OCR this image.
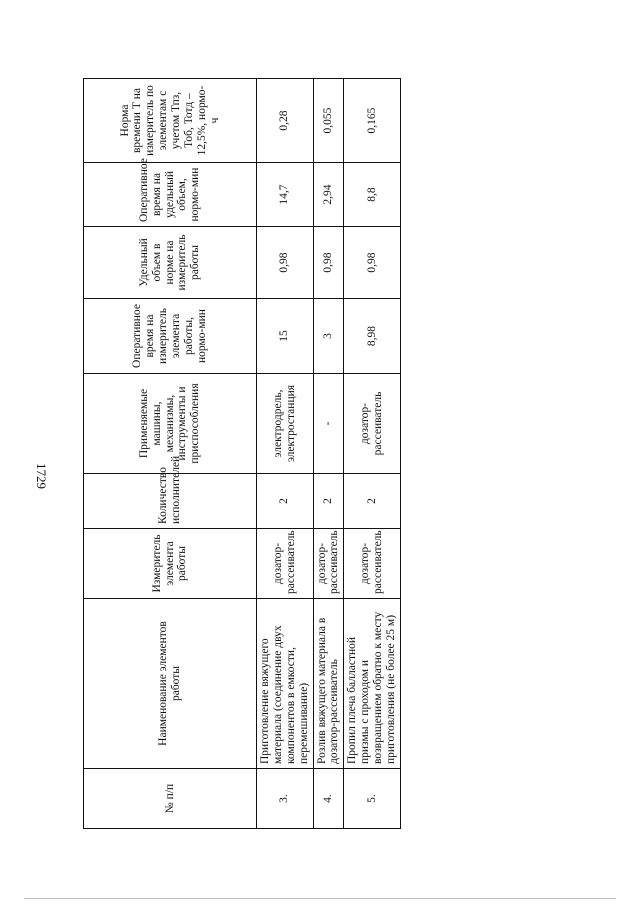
1729
№ п/п	Наименование элементов работы	Измеритель элемента работы	Количество исполнителей	Применяемые машины, механизмы, инструменты и приспособления	Оперативное время на измеритель элемента работы, нормо-мин	Удельный объем в норме на измеритель работы	Оперативное время на удельный объем, нормо-мин	Норма времени Т на измеритель по элементам с учетом Тпз, Тоб, Тотд – 12,5%, нормо-ч
3.	Приготовление вяжущего материала (соединение двух компонентов в емкости, перемешивание)	дозатор-рассеиватель	2	электродрель, электростанция	15	0,98	14,7	0,28
4.	Розлив вяжущего материала в дозатор-рассеиватель	дозатор-рассеиватель	2	-	3	0,98	2,94	0,055
5.	Пропил плеча балластной призмы с проходом и возвращением обратно к месту приготовления (не более 25 м)	дозатор-рассеиватель	2	дозатор-рассеиватель	8,98	0,98	8,8	0,165
